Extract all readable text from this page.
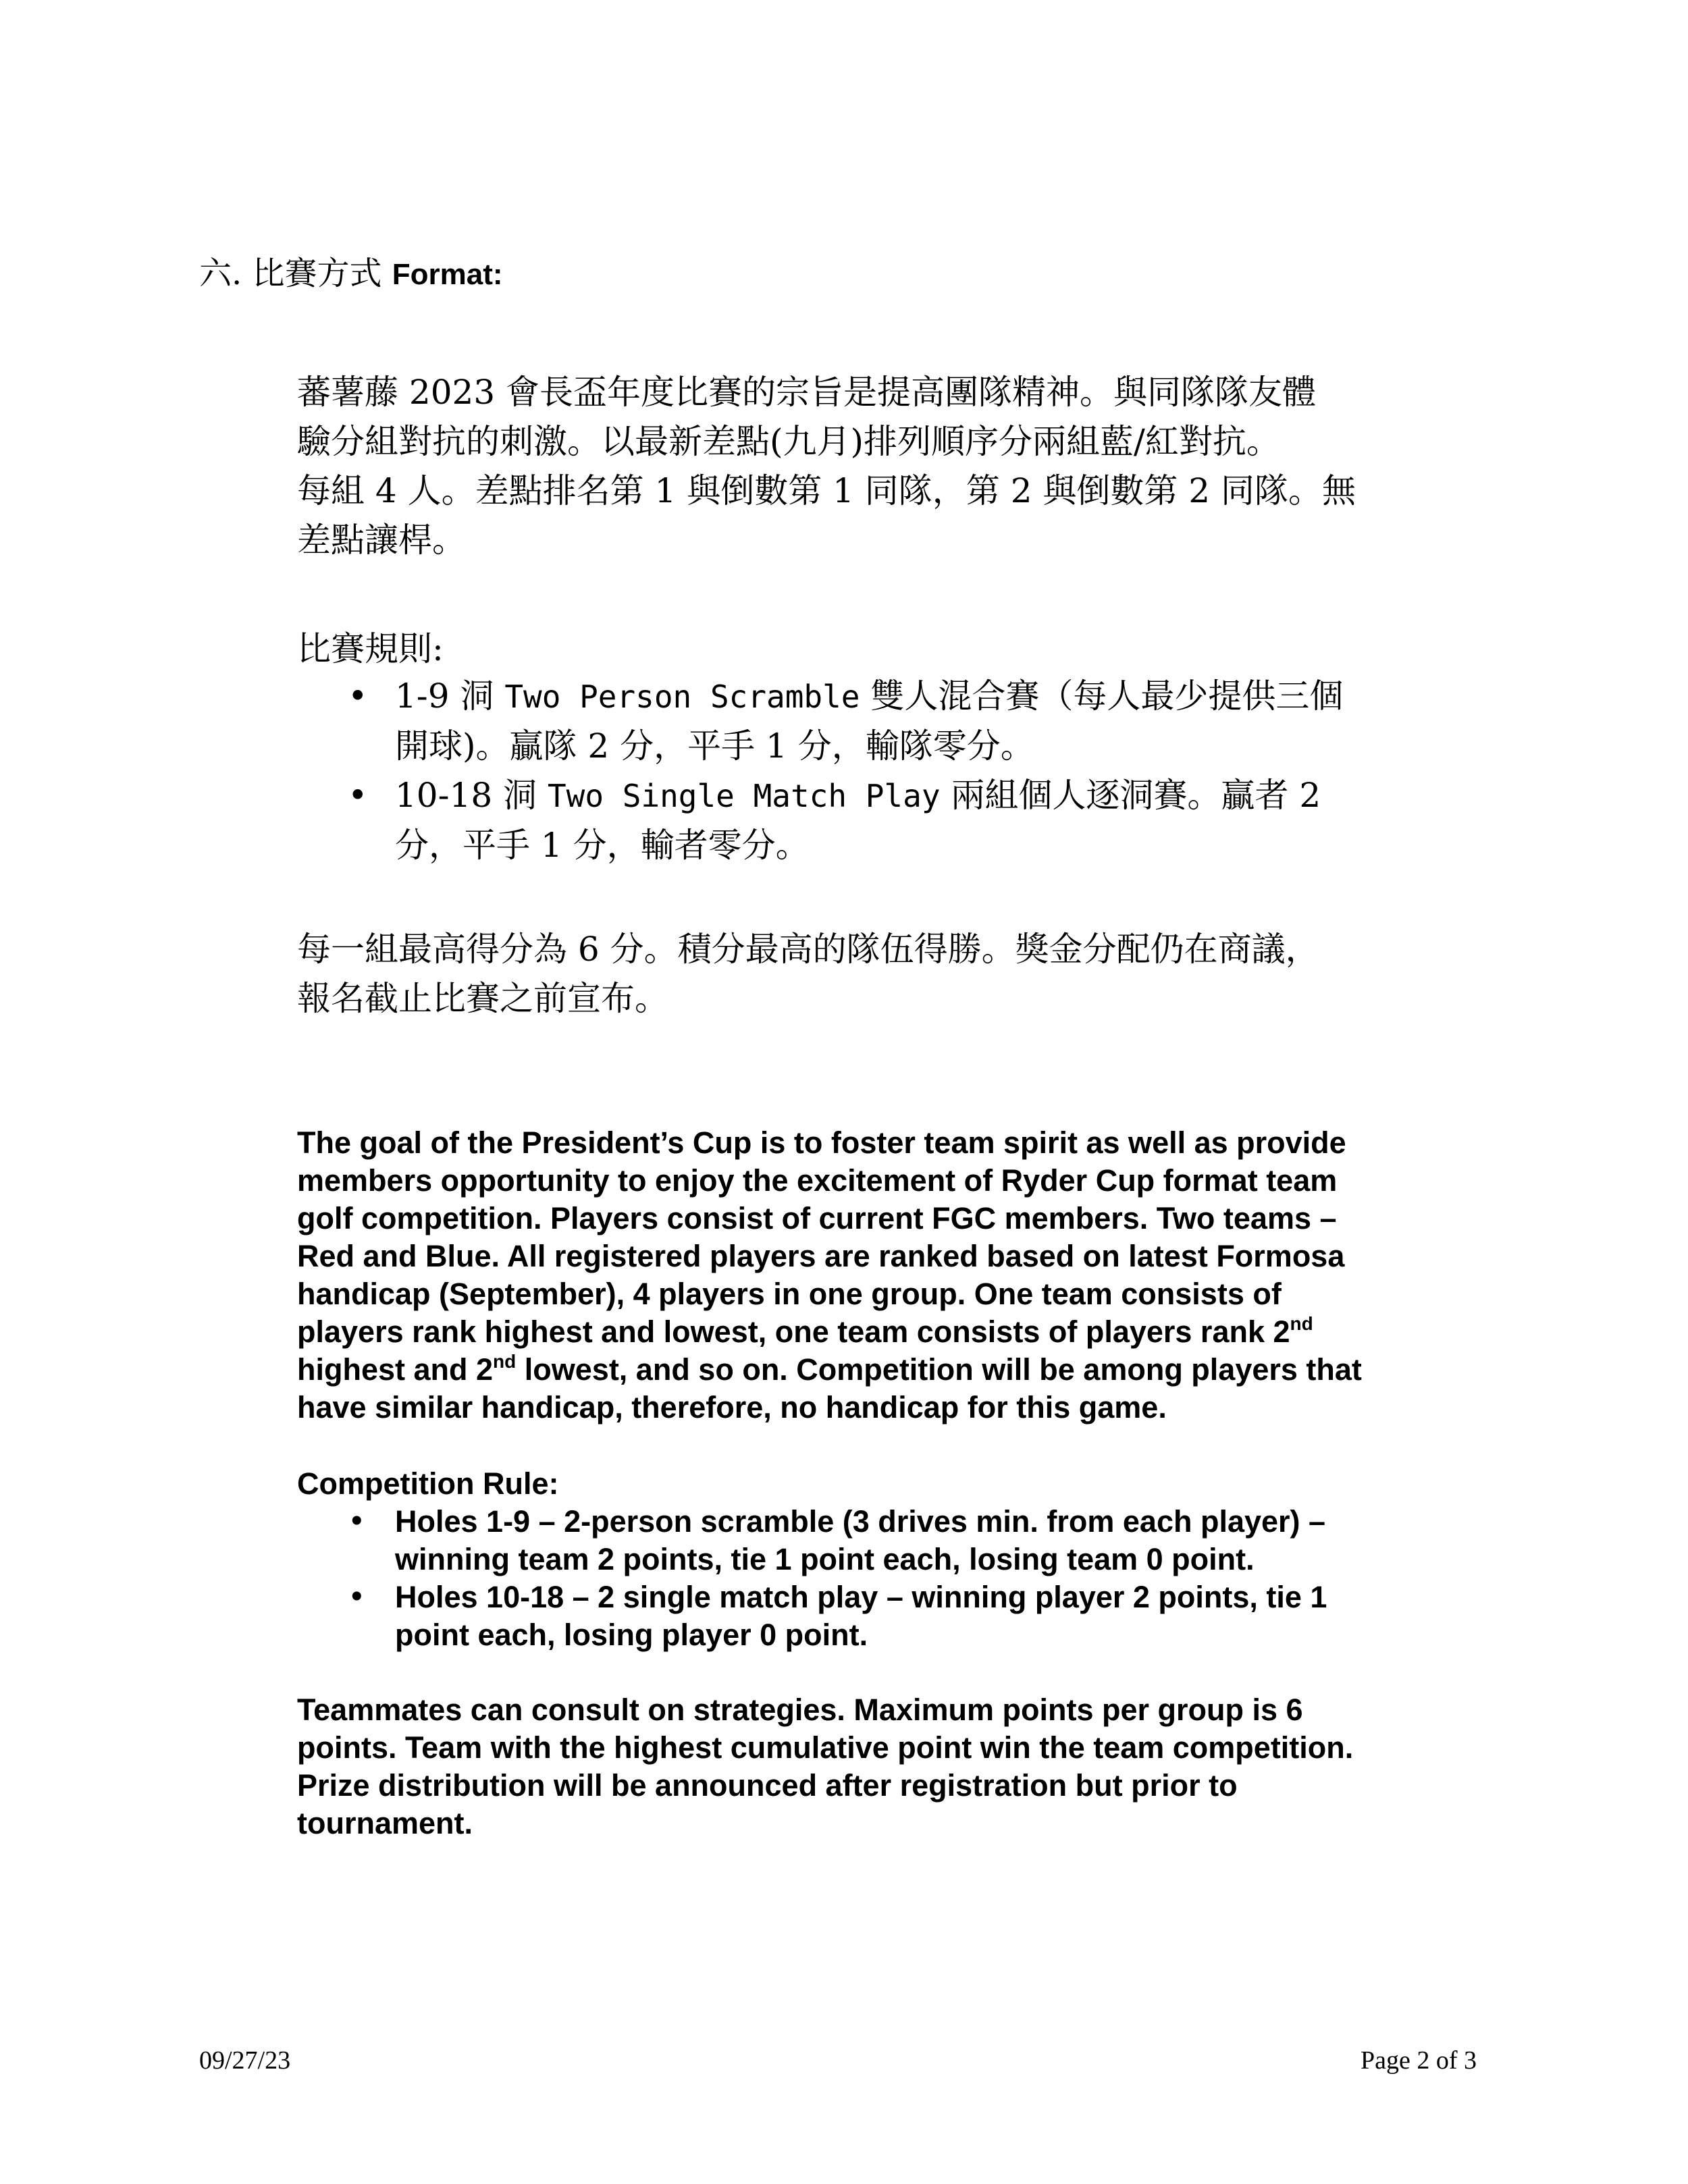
六. 比賽方式 Format:
蕃薯藤 2023 會長盃年度比賽的宗旨是提高團隊精神。與同隊隊友體
驗分組對抗的刺激。以最新差點(九月)排列順序分兩組藍/紅對抗。
每組 4 人。差點排名第 1 與倒數第 1 同隊，第 2 與倒數第 2 同隊。無
差點讓桿。
比賽規則:
• 1-9 洞 Two Person Scramble 雙人混合賽（每人最少提供三個
開球)。贏隊 2 分，平手 1 分，輸隊零分。
• 10-18 洞 Two Single Match Play 兩組個人逐洞賽。贏者 2
分，平手 1 分，輸者零分。
每一組最高得分為 6 分。積分最高的隊伍得勝。獎金分配仍在商議，
報名截止比賽之前宣布。
The goal of the President’s Cup is to foster team spirit as well as provide
members opportunity to enjoy the excitement of Ryder Cup format team
golf competition. Players consist of current FGC members. Two teams –
Red and Blue. All registered players are ranked based on latest Formosa
handicap (September), 4 players in one group. One team consists of
players rank highest and lowest, one team consists of players rank 2nd
highest and 2nd lowest, and so on. Competition will be among players that
have similar handicap, therefore, no handicap for this game.
Competition Rule:
• Holes 1-9 – 2-person scramble (3 drives min. from each player) –
winning team 2 points, tie 1 point each, losing team 0 point.
• Holes 10-18 – 2 single match play – winning player 2 points, tie 1
point each, losing player 0 point.
Teammates can consult on strategies. Maximum points per group is 6
points. Team with the highest cumulative point win the team competition.
Prize distribution will be announced after registration but prior to
tournament.
09/27/23	Page 2 of 3
